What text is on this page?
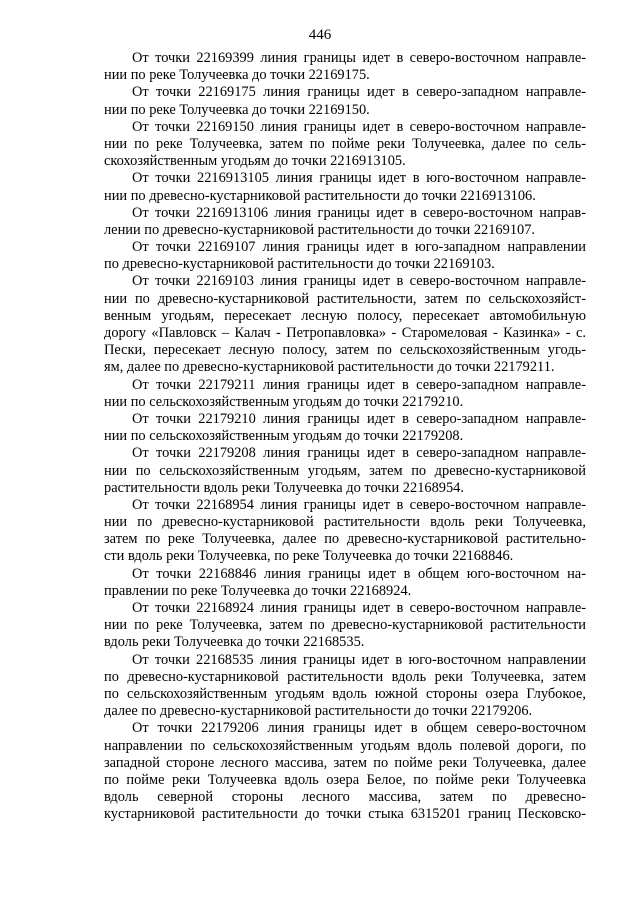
446
От точки 22169399 линия границы идет в северо-восточном направле-
нии по реке Толучеевка до точки 22169175.
От точки 22169175 линия границы идет в северо-западном направле-
нии по реке Толучеевка до точки 22169150.
От точки 22169150 линия границы идет в северо-восточном направле-
нии по реке Толучеевка, затем по пойме реки Толучеевка, далее по сель-
скохозяйственным угодьям до точки 2216913105.
От точки 2216913105 линия границы идет в юго-восточном направле-
нии по древесно-кустарниковой растительности до точки 2216913106.
От точки 2216913106 линия границы идет в северо-восточном направ-
лении по древесно-кустарниковой растительности до точки 22169107.
От точки 22169107 линия границы идет в юго-западном направлении
по древесно-кустарниковой растительности до точки 22169103.
От точки 22169103 линия границы идет в северо-восточном направле-
нии по древесно-кустарниковой растительности, затем по сельскохозяйст-
венным угодьям, пересекает лесную полосу, пересекает автомобильную
дорогу «Павловск – Калач - Петропавловка» - Старомеловая - Казинка» - с.
Пески, пересекает лесную полосу, затем по сельскохозяйственным угодь-
ям, далее по древесно-кустарниковой растительности до точки 22179211.
От точки 22179211 линия границы идет в северо-западном направле-
нии по сельскохозяйственным угодьям до точки 22179210.
От точки 22179210 линия границы идет в северо-западном направле-
нии по сельскохозяйственным угодьям до точки 22179208.
От точки 22179208 линия границы идет в северо-западном направле-
нии по сельскохозяйственным угодьям, затем по древесно-кустарниковой
растительности вдоль реки Толучеевка до точки 22168954.
От точки 22168954 линия границы идет в северо-восточном направле-
нии по древесно-кустарниковой растительности вдоль реки Толучеевка,
затем по реке Толучеевка, далее по древесно-кустарниковой растительно-
сти вдоль реки Толучеевка, по реке Толучеевка до точки 22168846.
От точки 22168846 линия границы идет в общем юго-восточном на-
правлении по реке Толучеевка до точки 22168924.
От точки 22168924 линия границы идет в северо-восточном направле-
нии по реке Толучеевка, затем по древесно-кустарниковой растительности
вдоль реки Толучеевка до точки 22168535.
От точки 22168535 линия границы идет в юго-восточном направлении
по древесно-кустарниковой растительности вдоль реки Толучеевка, затем
по сельскохозяйственным угодьям вдоль южной стороны озера Глубокое,
далее по древесно-кустарниковой растительности до точки 22179206.
От точки 22179206 линия границы идет в общем северо-восточном
направлении по сельскохозяйственным угодьям вдоль полевой дороги, по
западной стороне лесного массива, затем по пойме реки Толучеевка, далее
по пойме реки Толучеевка вдоль озера Белое, по пойме реки Толучеевка
вдоль северной стороны лесного массива, затем по древесно-
кустарниковой растительности до точки стыка 6315201 границ Песковско-
